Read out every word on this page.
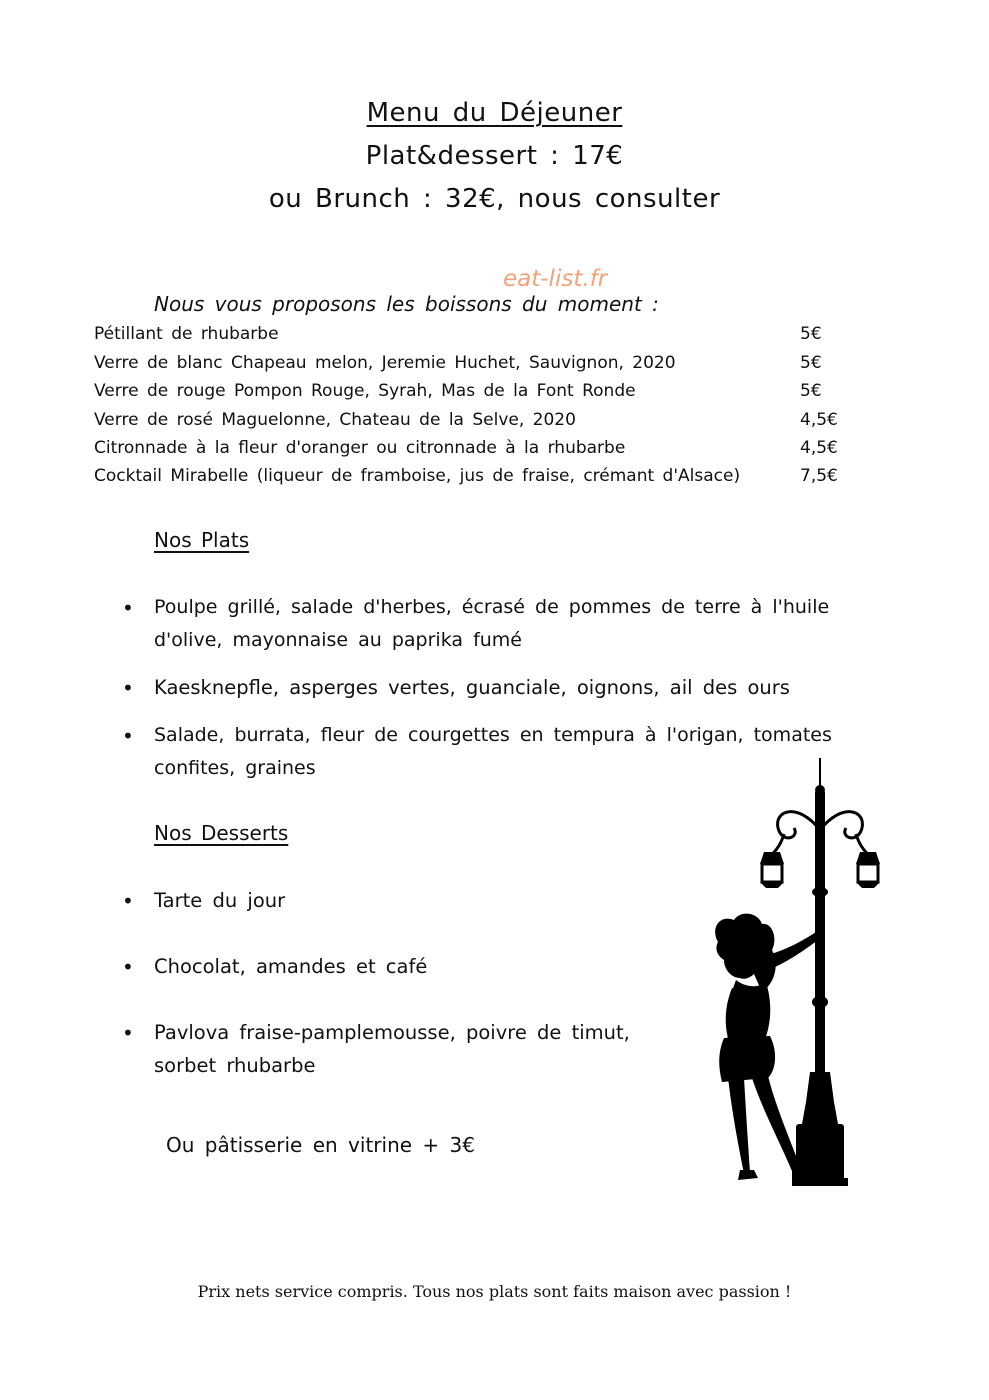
Menu du Déjeuner
Plat&dessert : 17€
ou Brunch : 32€, nous consulter
eat-list.fr
Nous vous proposons les boissons du moment :
Pétillant de rhubarbe	5€
Verre de blanc Chapeau melon, Jeremie Huchet, Sauvignon, 2020	5€
Verre de rouge Pompon Rouge, Syrah, Mas de la Font Ronde	5€
Verre de rosé Maguelonne, Chateau de la Selve, 2020	4,5€
Citronnade à la fleur d'oranger ou citronnade à la rhubarbe	4,5€
Cocktail Mirabelle (liqueur de framboise, jus de fraise, crémant d'Alsace)	7,5€
Nos Plats
• Poulpe grillé, salade d'herbes, écrasé de pommes de terre à l'huile
d'olive, mayonnaise au paprika fumé
• Kaesknepfle, asperges vertes, guanciale, oignons, ail des ours
• Salade, burrata, fleur de courgettes en tempura à l'origan, tomates
confites, graines
Nos Desserts
• Tarte du jour
• Chocolat, amandes et café
• Pavlova fraise-pamplemousse, poivre de timut,
sorbet rhubarbe
Ou pâtisserie en vitrine + 3€
Prix nets service compris. Tous nos plats sont faits maison avec passion !
